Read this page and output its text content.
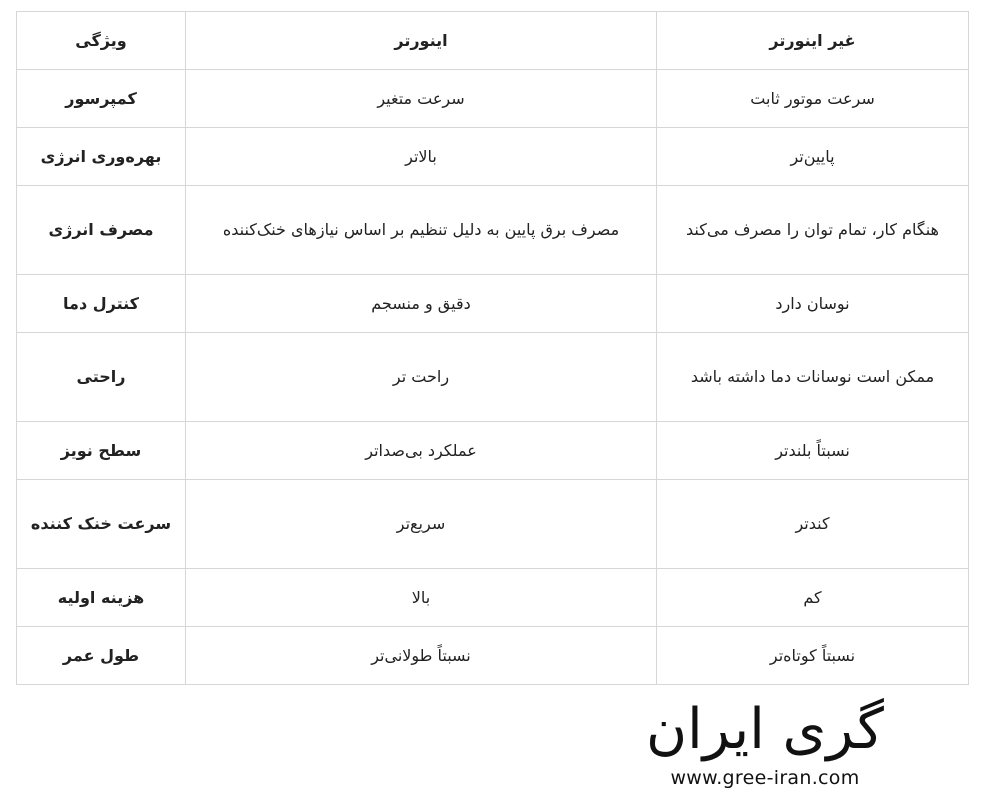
ویژگی	اینورتر	غیر اینورتر
کمپرسور	سرعت متغیر	سرعت موتور ثابت
بهره‌وری انرژی	بالاتر	پایین‌تر
مصرف انرژی	مصرف برق پایین به دلیل تنظیم بر اساس نیازهای خنک‌کننده	هنگام کار، تمام توان را مصرف می‌کند
کنترل دما	دقیق و منسجم	نوسان دارد
راحتی	راحت تر	ممکن است نوسانات دما داشته باشد
سطح نویز	عملکرد بی‌صداتر	نسبتاً بلندتر
سرعت خنک کننده	سریع‌تر	کندتر
هزینه اولیه	بالا	کم
طول عمر	نسبتاً طولانی‌تر	نسبتاً کوتاه‌تر
گری ایران
www.gree-iran.com
